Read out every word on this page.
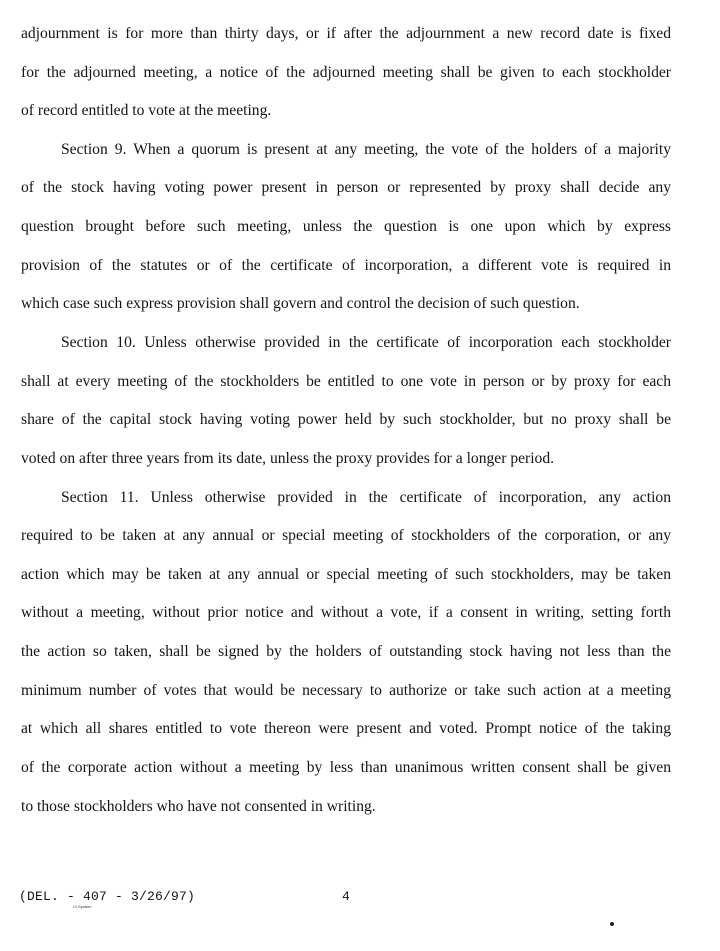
adjournment is for more than thirty days, or if after the adjournment a new record date is fixed

for the adjourned meeting, a notice of the adjourned meeting shall be given to each stockholder

of record entitled to vote at the meeting.

Section 9. When a quorum is present at any meeting, the vote of the holders of a majority

of the stock having voting power present in person or represented by proxy shall decide any

question brought before such meeting, unless the question is one upon which by express

provision of the statutes or of the certificate of incorporation, a different vote is required in

which case such express provision shall govern and control the decision of such question.

Section 10. Unless otherwise provided in the certificate of incorporation each stockholder

shall at every meeting of the stockholders be entitled to one vote in person or by proxy for each

share of the capital stock having voting power held by such stockholder, but no proxy shall be

voted on after three years from its date, unless the proxy provides for a longer period.

Section 11. Unless otherwise provided in the certificate of incorporation, any action

required to be taken at any annual or special meeting of stockholders of the corporation, or any

action which may be taken at any annual or special meeting of such stockholders, may be taken

without a meeting, without prior notice and without a vote, if a consent in writing, setting forth

the action so taken, shall be signed by the holders of outstanding stock having not less than the

minimum number of votes that would be necessary to authorize or take such action at a meeting

at which all shares entitled to vote thereon were present and voted. Prompt notice of the taking

of the corporate action without a meeting by less than unanimous written consent shall be given

to those stockholders who have not consented in writing.

(DEL. - 407 - 3/26/97)	4

Ct System
